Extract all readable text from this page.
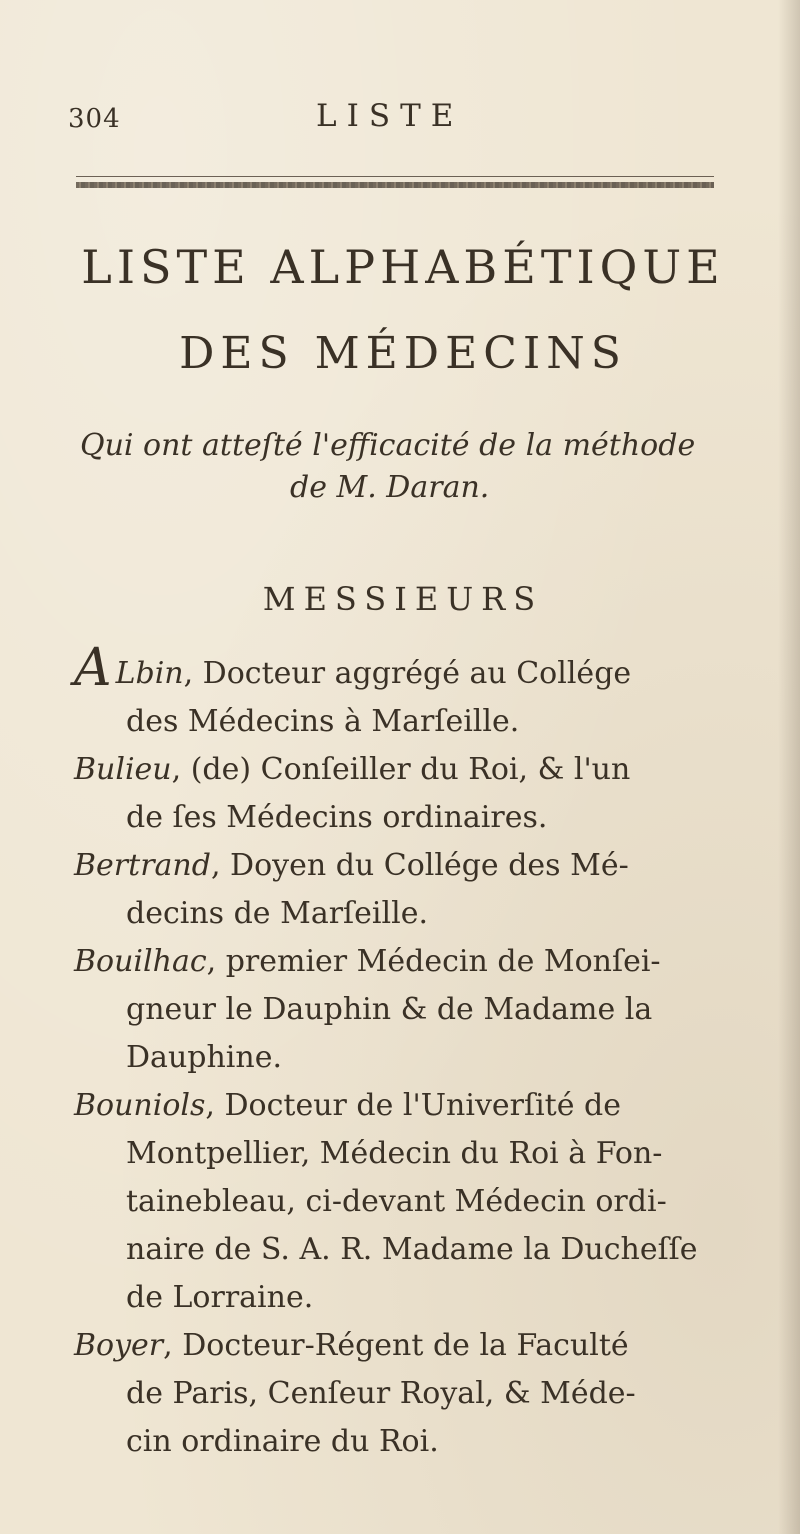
304	LISTE
LISTE ALPHABÉTIQUE
DES MÉDECINS
Qui ont atteſté l'efficacité de la méthode
de M. Daran.
MESSIEURS
A Lbin, Docteur aggrégé au Collége
des Médecins à Marſeille.
Bulieu, (de) Conſeiller du Roi, & l'un
de ſes Médecins ordinaires.
Bertrand, Doyen du Collége des Mé-
decins de Marſeille.
Bouilhac, premier Médecin de Monſei-
gneur le Dauphin & de Madame la
Dauphine.
Bouniols, Docteur de l'Univerſité de
Montpellier, Médecin du Roi à Fon-
tainebleau, ci-devant Médecin ordi-
naire de S. A. R. Madame la Ducheſſe
de Lorraine.
Boyer, Docteur-Régent de la Faculté
de Paris, Cenſeur Royal, & Méde-
cin ordinaire du Roi.
